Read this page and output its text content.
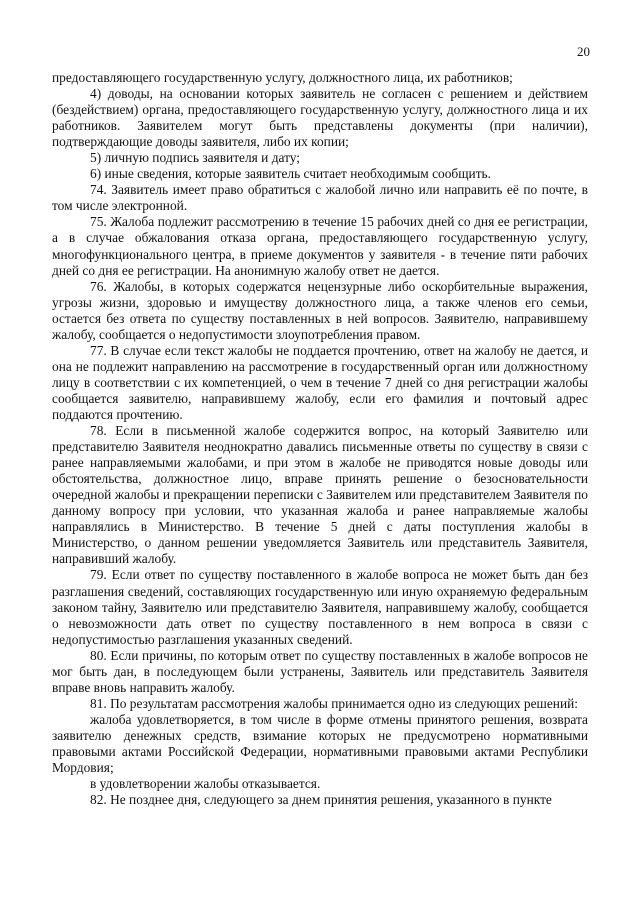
20

предоставляющего государственную услугу, должностного лица, их работников;

4) доводы, на основании которых заявитель не согласен с решением и действием (бездействием) органа, предоставляющего государственную услугу, должностного лица и их работников. Заявителем могут быть представлены документы (при наличии), подтверждающие доводы заявителя, либо их копии;

5) личную подпись заявителя и дату;

6) иные сведения, которые заявитель считает необходимым сообщить.

74. Заявитель имеет право обратиться с жалобой лично или направить её по почте, в том числе электронной.

75. Жалоба подлежит рассмотрению в течение 15 рабочих дней со дня ее регистрации, а в случае обжалования отказа органа, предоставляющего государственную услугу, многофункционального центра, в приеме документов у заявителя - в течение пяти рабочих дней со дня ее регистрации. На анонимную жалобу ответ не дается.

76. Жалобы, в которых содержатся нецензурные либо оскорбительные выражения, угрозы жизни, здоровью и имуществу должностного лица, а также членов его семьи, остается без ответа по существу поставленных в ней вопросов. Заявителю, направившему жалобу, сообщается о недопустимости злоупотребления правом.

77. В случае если текст жалобы не поддается прочтению, ответ на жалобу не дается, и она не подлежит направлению на рассмотрение в государственный орган или должностному лицу в соответствии с их компетенцией, о чем в течение 7 дней со дня регистрации жалобы сообщается заявителю, направившему жалобу, если его фамилия и почтовый адрес поддаются прочтению.

78. Если в письменной жалобе содержится вопрос, на который Заявителю или представителю Заявителя неоднократно давались письменные ответы по существу в связи с ранее направляемыми жалобами, и при этом в жалобе не приводятся новые доводы или обстоятельства, должностное лицо, вправе принять решение о безосновательности очередной жалобы и прекращении переписки с Заявителем или представителем Заявителя по данному вопросу при условии, что указанная жалоба и ранее направляемые жалобы направлялись в Министерство. В течение 5 дней с даты поступления жалобы в Министерство, о данном решении уведомляется Заявитель или представитель Заявителя, направивший жалобу.

79. Если ответ по существу поставленного в жалобе вопроса не может быть дан без разглашения сведений, составляющих государственную или иную охраняемую федеральным законом тайну, Заявителю или представителю Заявителя, направившему жалобу, сообщается о невозможности дать ответ по существу поставленного в нем вопроса в связи с недопустимостью разглашения указанных сведений.

80. Если причины, по которым ответ по существу поставленных в жалобе вопросов не мог быть дан, в последующем были устранены, Заявитель или представитель Заявителя вправе вновь направить жалобу.

81. По результатам рассмотрения жалобы принимается одно из следующих решений:

жалоба удовлетворяется, в том числе в форме отмены принятого решения, возврата заявителю денежных средств, взимание которых не предусмотрено нормативными правовыми актами Российской Федерации, нормативными правовыми актами Республики Мордовия;

в удовлетворении жалобы отказывается.

82. Не позднее дня, следующего за днем принятия решения, указанного в пункте
